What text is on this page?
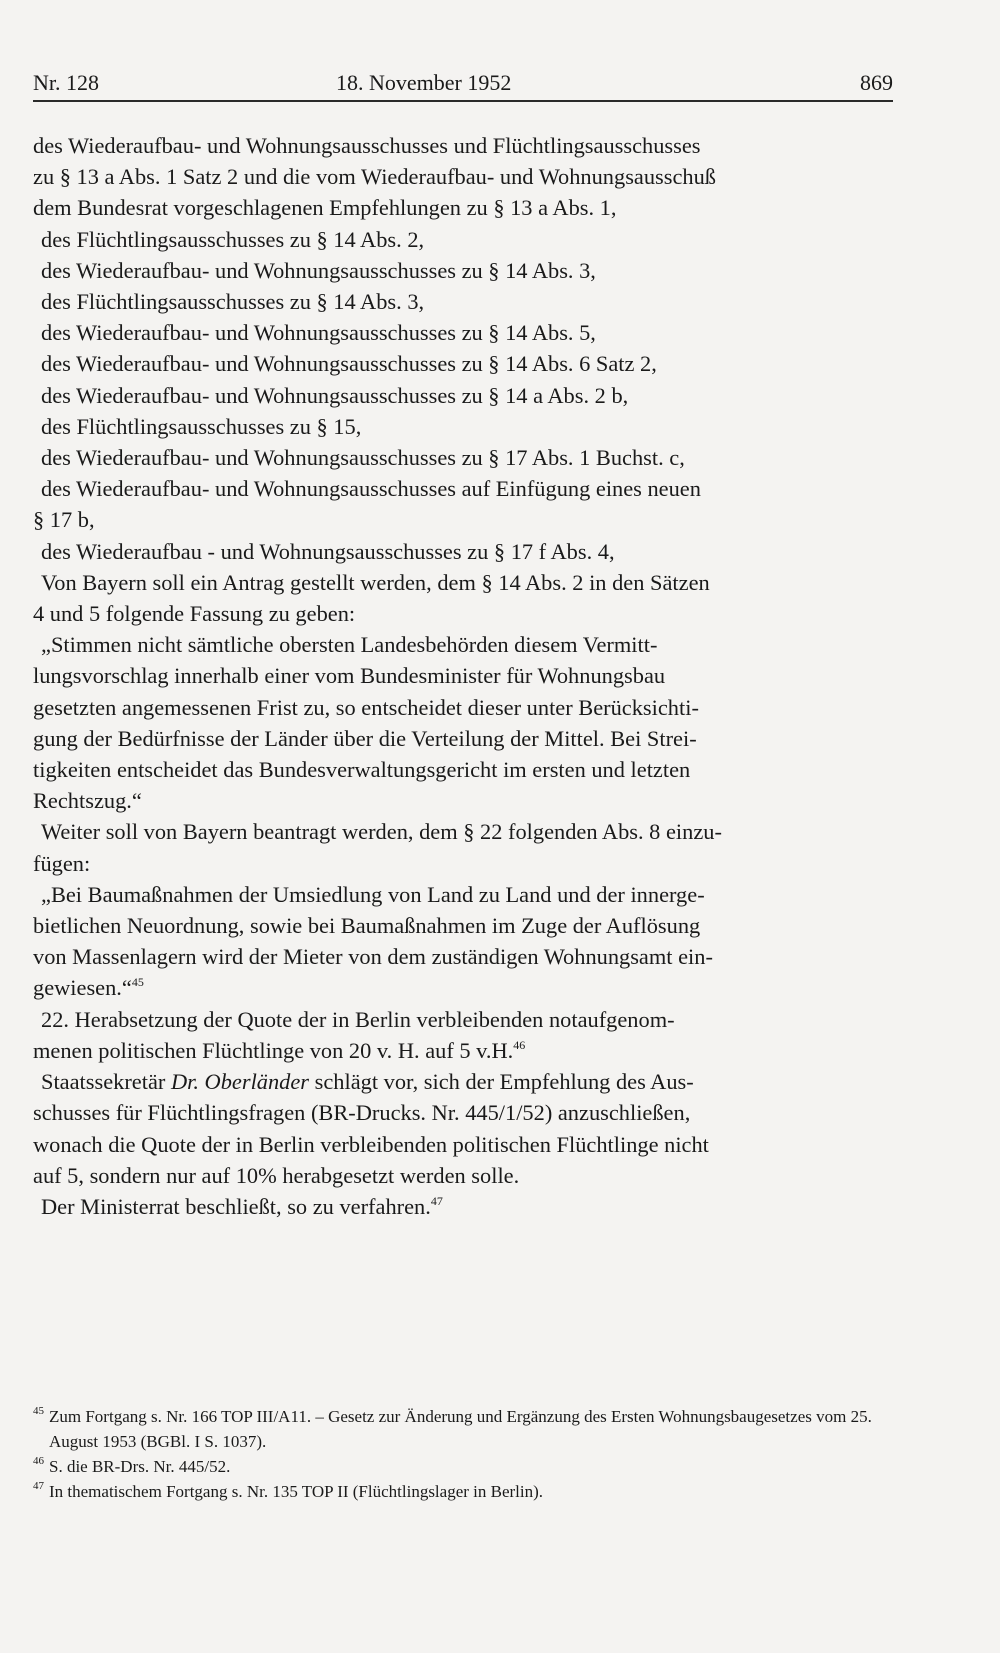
Nr. 128	18. November 1952	869
des Wiederaufbau- und Wohnungsausschusses und Flüchtlingsausschusses
zu § 13 a Abs. 1 Satz 2 und die vom Wiederaufbau- und Wohnungsausschuß
dem Bundesrat vorgeschlagenen Empfehlungen zu § 13 a Abs. 1,
des Flüchtlingsausschusses zu § 14 Abs. 2,
des Wiederaufbau- und Wohnungsausschusses zu § 14 Abs. 3,
des Flüchtlingsausschusses zu § 14 Abs. 3,
des Wiederaufbau- und Wohnungsausschusses zu § 14 Abs. 5,
des Wiederaufbau- und Wohnungsausschusses zu § 14 Abs. 6 Satz 2,
des Wiederaufbau- und Wohnungsausschusses zu § 14 a Abs. 2 b,
des Flüchtlingsausschusses zu § 15,
des Wiederaufbau- und Wohnungsausschusses zu § 17 Abs. 1 Buchst. c,
des Wiederaufbau- und Wohnungsausschusses auf Einfügung eines neuen
§ 17 b,
des Wiederaufbau - und Wohnungsausschusses zu § 17 f Abs. 4,
Von Bayern soll ein Antrag gestellt werden, dem § 14 Abs. 2 in den Sätzen
4 und 5 folgende Fassung zu geben:
„Stimmen nicht sämtliche obersten Landesbehörden diesem Vermitt-
lungsvorschlag innerhalb einer vom Bundesminister für Wohnungsbau
gesetzten angemessenen Frist zu, so entscheidet dieser unter Berücksichti-
gung der Bedürfnisse der Länder über die Verteilung der Mittel. Bei Strei-
tigkeiten entscheidet das Bundesverwaltungsgericht im ersten und letzten
Rechtszug.“
Weiter soll von Bayern beantragt werden, dem § 22 folgenden Abs. 8 einzu-
fügen:
„Bei Baumaßnahmen der Umsiedlung von Land zu Land und der innerge-
bietlichen Neuordnung, sowie bei Baumaßnahmen im Zuge der Auflösung
von Massenlagern wird der Mieter von dem zuständigen Wohnungsamt ein-
gewiesen.“$^{45}$
22. Herabsetzung der Quote der in Berlin verbleibenden notaufgenom-
menen politischen Flüchtlinge von 20 v. H. auf 5 v.H.$^{46}$
Staatssekretär Dr. Oberländer schlägt vor, sich der Empfehlung des Aus-
schusses für Flüchtlingsfragen (BR-Drucks. Nr. 445/1/52) anzuschließen,
wonach die Quote der in Berlin verbleibenden politischen Flüchtlinge nicht
auf 5, sondern nur auf 10% herabgesetzt werden solle.
Der Ministerrat beschließt, so zu verfahren.$^{47}$
45 Zum Fortgang s. Nr. 166 TOP III/A11. – Gesetz zur Änderung und Ergänzung des Ersten Wohnungsbaugesetzes vom 25. August 1953 (BGBl. I S. 1037).
46 S. die BR-Drs. Nr. 445/52.
47 In thematischem Fortgang s. Nr. 135 TOP II (Flüchtlingslager in Berlin).
